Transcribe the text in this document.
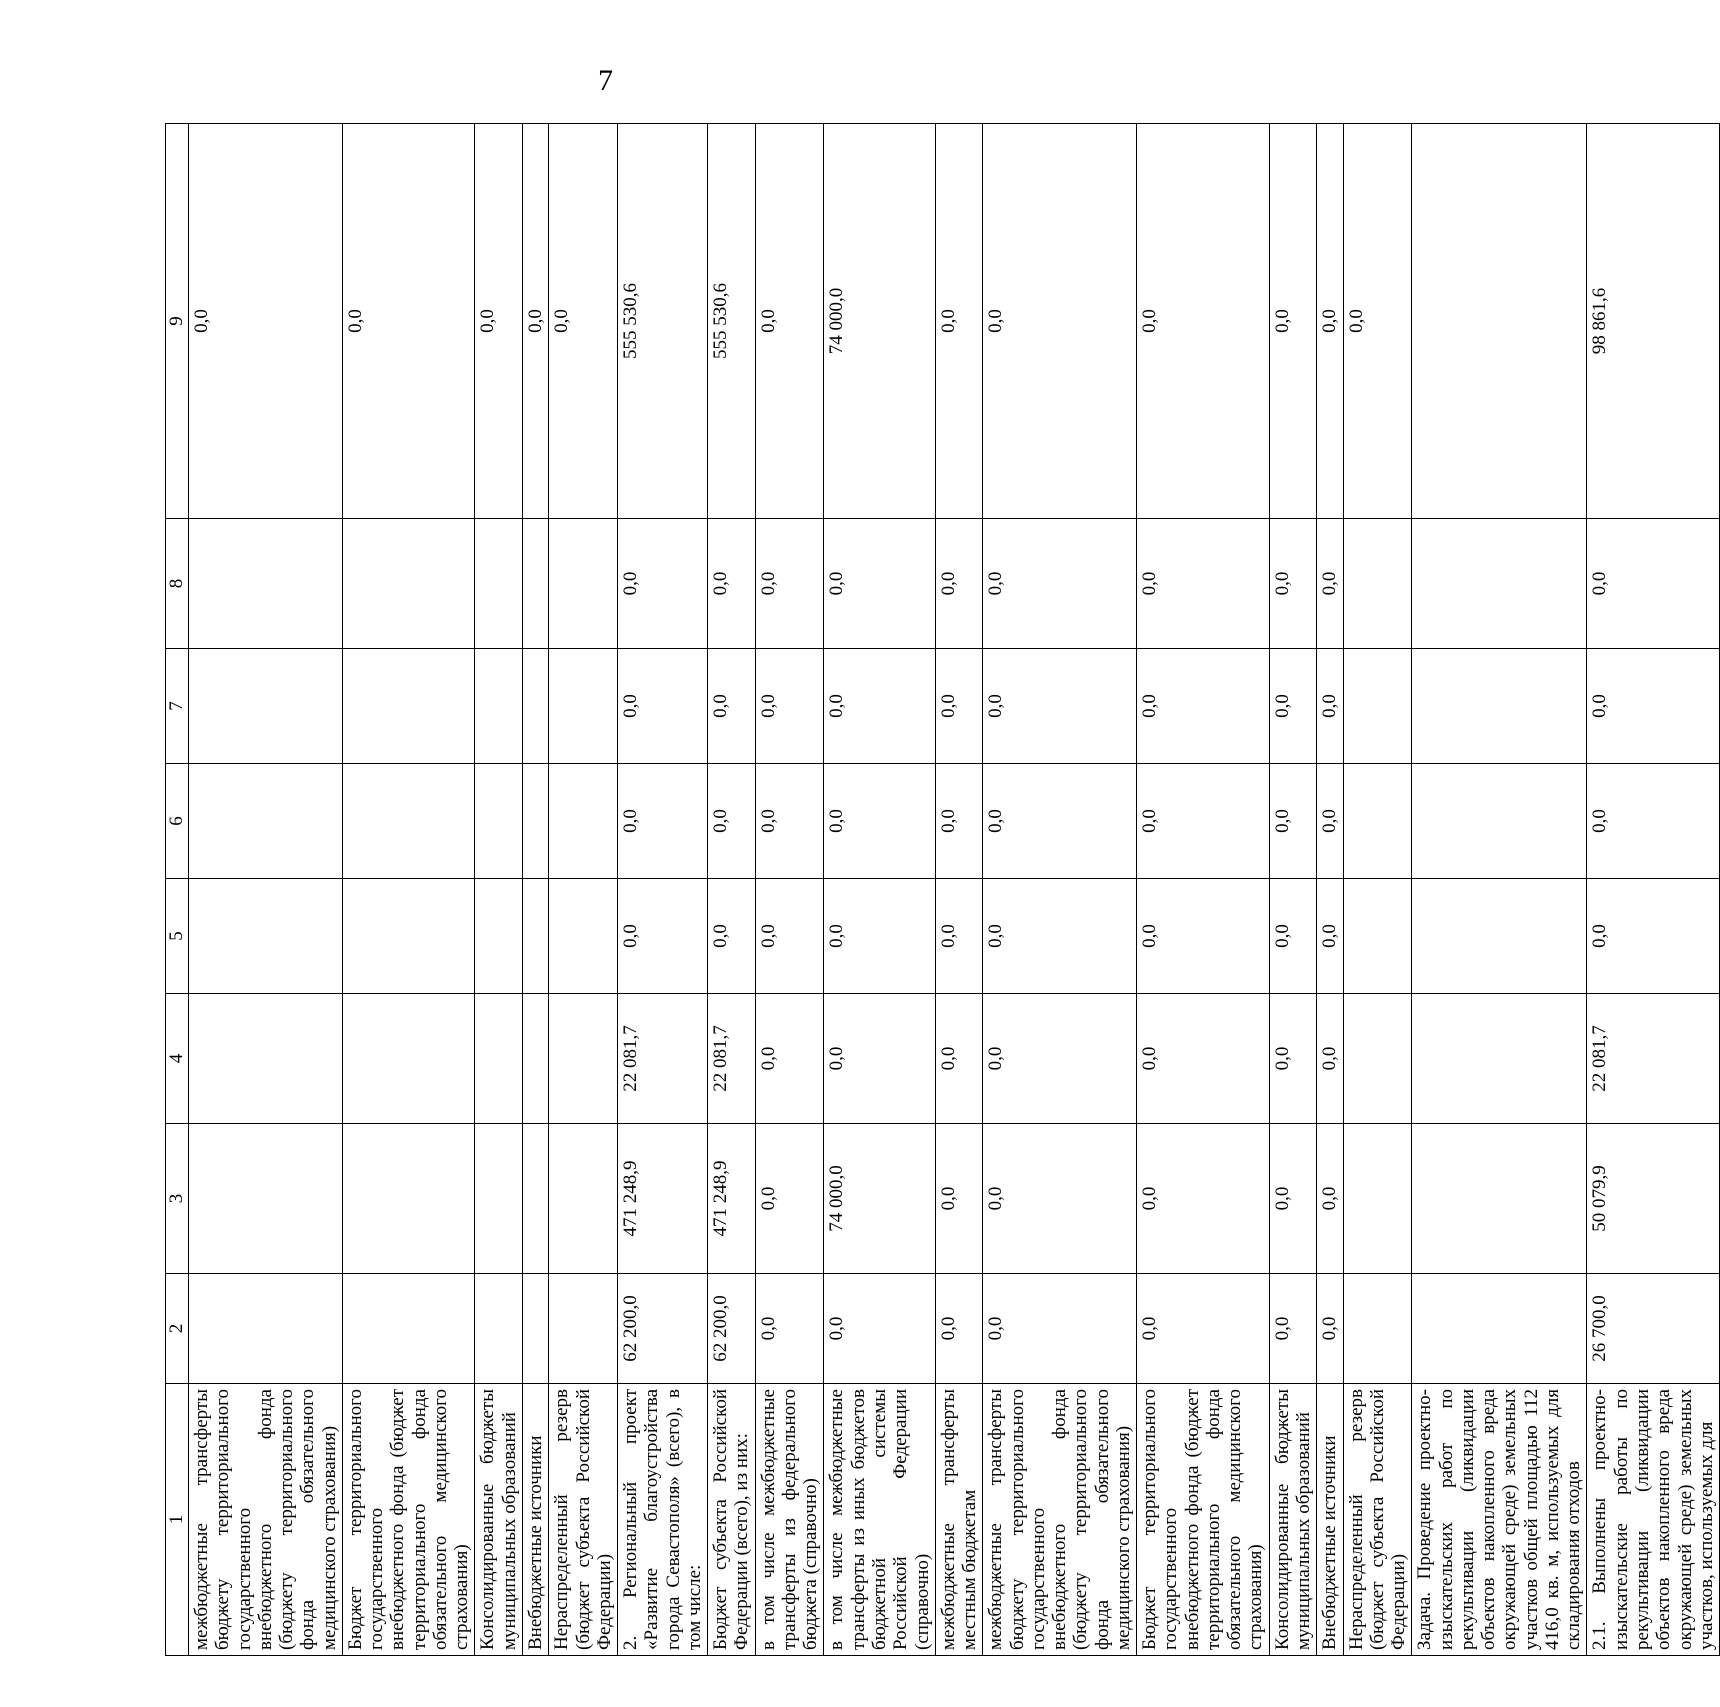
7
1	2	3	4	5	6	7	8	9
межбюджетные трансферты бюджету территориального государственного внебюджетного фонда (бюджету территориального фонда обязательного медицинского страхования)								0,0
Бюджет территориального государственного внебюджетного фонда (бюджет территориального фонда обязательного медицинского страхования)								0,0
Консолидированные бюджеты муниципальных образований								0,0
Внебюджетные источники								0,0
Нераспределенный резерв (бюджет субъекта Российской Федерации)								0,0
2. Региональный проект «Развитие благоустройства города Севастополя» (всего), в том числе:	62 200,0	471 248,9	22 081,7	0,0	0,0	0,0	0,0	555 530,6
Бюджет субъекта Российской Федерации (всего), из них:	62 200,0	471 248,9	22 081,7	0,0	0,0	0,0	0,0	555 530,6
в том числе межбюджетные трансферты из федерального бюджета (справочно)	0,0	0,0	0,0	0,0	0,0	0,0	0,0	0,0
в том числе межбюджетные трансферты из иных бюджетов бюджетной системы Российской Федерации (справочно)	0,0	74 000,0	0,0	0,0	0,0	0,0	0,0	74 000,0
межбюджетные трансферты местным бюджетам	0,0	0,0	0,0	0,0	0,0	0,0	0,0	0,0
межбюджетные трансферты бюджету территориального государственного внебюджетного фонда (бюджету территориального фонда обязательного медицинского страхования)	0,0	0,0	0,0	0,0	0,0	0,0	0,0	0,0
Бюджет территориального государственного внебюджетного фонда (бюджет территориального фонда обязательного медицинского страхования)	0,0	0,0	0,0	0,0	0,0	0,0	0,0	0,0
Консолидированные бюджеты муниципальных образований	0,0	0,0	0,0	0,0	0,0	0,0	0,0	0,0
Внебюджетные источники	0,0	0,0	0,0	0,0	0,0	0,0	0,0	0,0
Нераспределенный резерв (бюджет субъекта Российской Федерации)								0,0
Задача. Проведение проектно-изыскательских работ по рекультивации (ликвидации объектов накопленного вреда окружающей среде) земельных участков общей площадью 112 416,0 кв. м, используемых для складирования отходов								
2.1. Выполнены проектно-изыскательские работы по рекультивации (ликвидации объектов накопленного вреда окружающей среде) земельных участков, используемых для	26 700,0	50 079,9	22 081,7	0,0	0,0	0,0	0,0	98 861,6
